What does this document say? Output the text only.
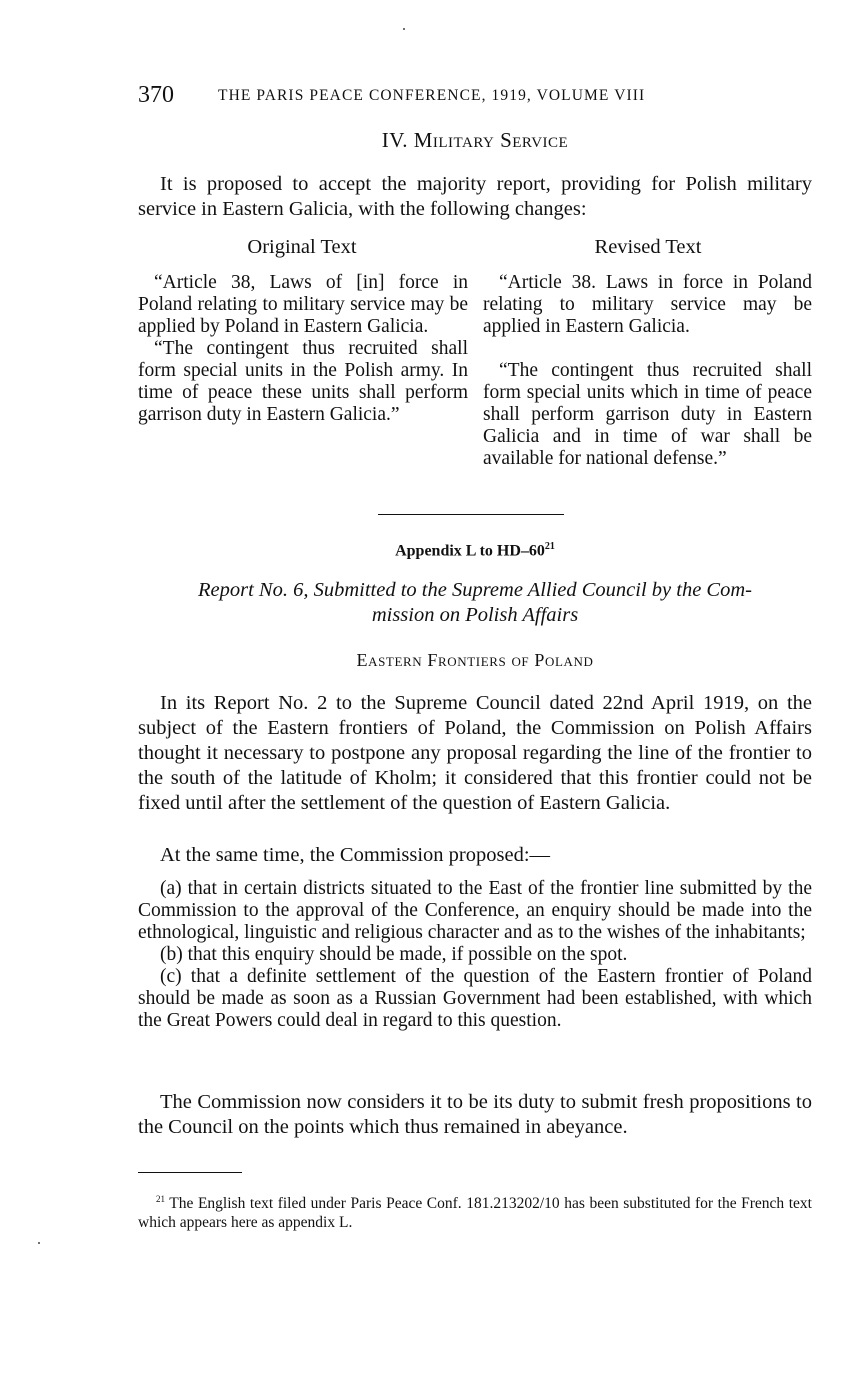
370	THE PARIS PEACE CONFERENCE, 1919, VOLUME VIII
IV. Military Service
It is proposed to accept the majority report, providing for Polish military service in Eastern Galicia, with the following changes:
Original Text	Revised Text

“Article 38, Laws of [in] force in Poland relating to military service may be applied by Poland in Eastern Galicia.

“The contingent thus recruited shall form special units in the Polish army. In time of peace these units shall perform garrison duty in Eastern Galicia.”

“Article 38. Laws in force in Poland relating to military service may be applied in Eastern Galicia.

“The contingent thus recruited shall form special units which in time of peace shall perform garrison duty in Eastern Galicia and in time of war shall be available for national defense.”

Appendix L to $HD-60^{21}$
Report No. 6, Submitted to the Supreme Allied Council by the Com-
mission on Polish Affairs
Eastern Frontiers of Poland
In its Report No. 2 to the Supreme Council dated 22nd April 1919, on the subject of the Eastern frontiers of Poland, the Commission on Polish Affairs thought it necessary to postpone any proposal regarding the line of the frontier to the south of the latitude of Kholm; it considered that this frontier could not be fixed until after the settlement of the question of Eastern Galicia.
At the same time, the Commission proposed:—

(a) that in certain districts situated to the East of the frontier line submitted by the Commission to the approval of the Conference, an enquiry should be made into the ethnological, linguistic and religious character and as to the wishes of the inhabitants;

(b) that this enquiry should be made, if possible on the spot.

(c) that a definite settlement of the question of the Eastern frontier of Poland should be made as soon as a Russian Government had been established, with which the Great Powers could deal in regard to this question.

The Commission now considers it to be its duty to submit fresh propositions to the Council on the points which thus remained in abeyance.

$^{21}$ The English text filed under Paris Peace Conf. 181.213202/10 has been substituted for the French text which appears here as appendix L.
